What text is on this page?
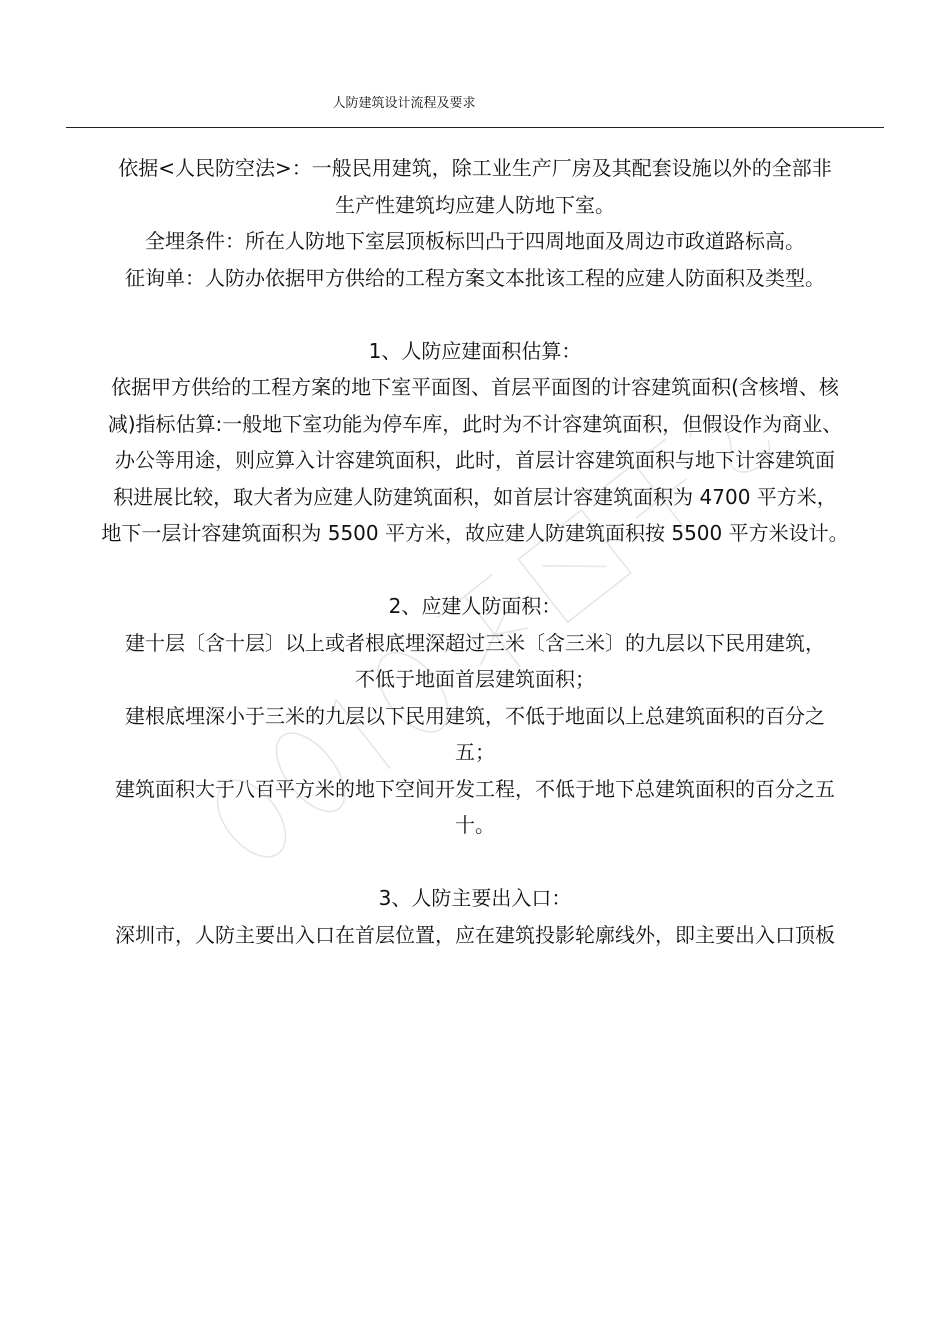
人防建筑设计流程及要求

依据<人民防空法>：一般民用建筑，除工业生产厂房及其配套设施以外的全部非

生产性建筑均应建人防地下室。

全埋条件：所在人防地下室层顶板标凹凸于四周地面及周边市政道路标高。

征询单：人防办依据甲方供给的工程方案文本批该工程的应建人防面积及类型。

1、人防应建面积估算：

依据甲方供给的工程方案的地下室平面图、首层平面图的计容建筑面积(含核增、核

减)指标估算:一般地下室功能为停车库，此时为不计容建筑面积，但假设作为商业、

办公等用途，则应算入计容建筑面积，此时，首层计容建筑面积与地下计容建筑面

积进展比较，取大者为应建人防建筑面积，如首层计容建筑面积为 4700 平方米，

地下一层计容建筑面积为 5500 平方米，故应建人防建筑面积按 5500 平方米设计。

2、应建人防面积：

建十层〔含十层〕以上或者根底埋深超过三米〔含三米〕的九层以下民用建筑，

不低于地面首层建筑面积；

建根底埋深小于三米的九层以下民用建筑，不低于地面以上总建筑面积的百分之

五；

建筑面积大于八百平方米的地下空间开发工程，不低于地下总建筑面积的百分之五

十。

3、人防主要出入口：

深圳市，人防主要出入口在首层位置，应在建筑投影轮廓线外，即主要出入口顶板
